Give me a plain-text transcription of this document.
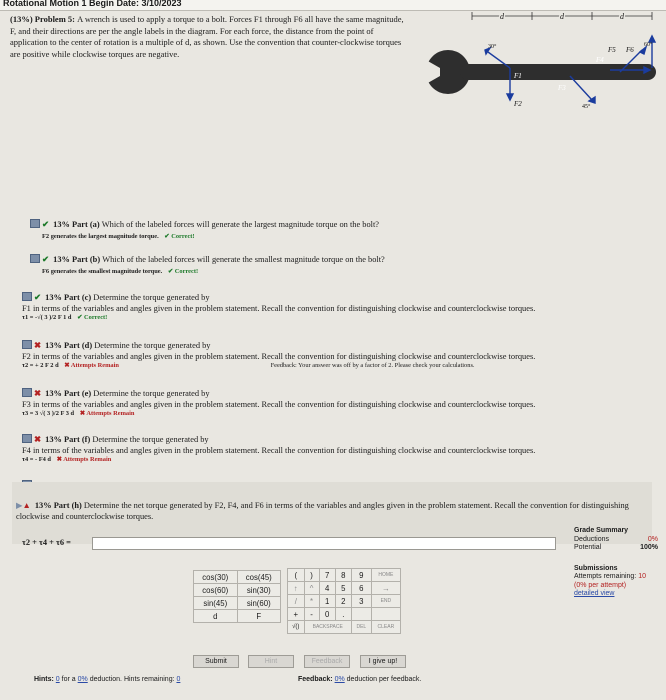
Rotational Motion 1 Begin Date: 3/10/2023
(13%) Problem 5: A wrench is used to apply a torque to a bolt. Forces F1 through F6 all have the same magnitude, F, and their directions are per the angle labels in the diagram. For each force, the distance from the point of application to the center of rotation is a multiple of d, as shown. Use the convention that counter-clockwise torques are positive while clockwise torques are negative.
d	d	d
F1
F2
F3
F4
F5 F6
30°	60°
45°
✔ 13% Part (a) Which of the labeled forces will generate the largest magnitude torque on the bolt?
F2 generates the largest magnitude torque. ✔ Correct!
✔ 13% Part (b) Which of the labeled forces will generate the smallest magnitude torque on the bolt?
F6 generates the smallest magnitude torque. ✔ Correct!
✔ 13% Part (c) Determine the torque generated by
F1 in terms of the variables and angles given in the problem statement. Recall the convention for distinguishing clockwise and counterclockwise torques.
τ1 = -√( 3 )/2 F 1 d ✔ Correct!
✖ 13% Part (d) Determine the torque generated by
F2 in terms of the variables and angles given in the problem statement. Recall the convention for distinguishing clockwise and counterclockwise torques.
τ2 = + 2 F 2 d ✖ Attempts Remain	Feedback: Your answer was off by a factor of 2. Please check your calculations.
✖ 13% Part (e) Determine the torque generated by
F3 in terms of the variables and angles given in the problem statement. Recall the convention for distinguishing clockwise and counterclockwise torques.
τ3 = 3 √( 3 )/2 F 3 d ✖ Attempts Remain
✖ 13% Part (f) Determine the torque generated by
F4 in terms of the variables and angles given in the problem statement. Recall the convention for distinguishing clockwise and counterclockwise torques.
τ4 = - F4 d ✖ Attempts Remain
▶▲ 13% Part (h) Determine the net torque generated by F2, F4, and F6 in terms of the variables and angles given in the problem statement. Recall the convention for distinguishing clockwise and counterclockwise torques.
τ2 + τ4 + τ6 =
Grade Summary
Deductions	0%
Potential	100%
Submissions
Attempts remaining: 10
(0% per attempt)
detailed view
cos(30)	cos(45)
cos(60)	sin(30)
sin(45)	sin(60)
d	F
(	)	7	8	9	HOME
↑	^	4	5	6	→
/	*	1	2	3	END
+	-	0	.		
√()	BACKSPACE			DEL	CLEAR
Submit	Hint	Feedback	I give up!
Hints: 0 for a 0% deduction. Hints remaining: 0	Feedback: 0% deduction per feedback.
